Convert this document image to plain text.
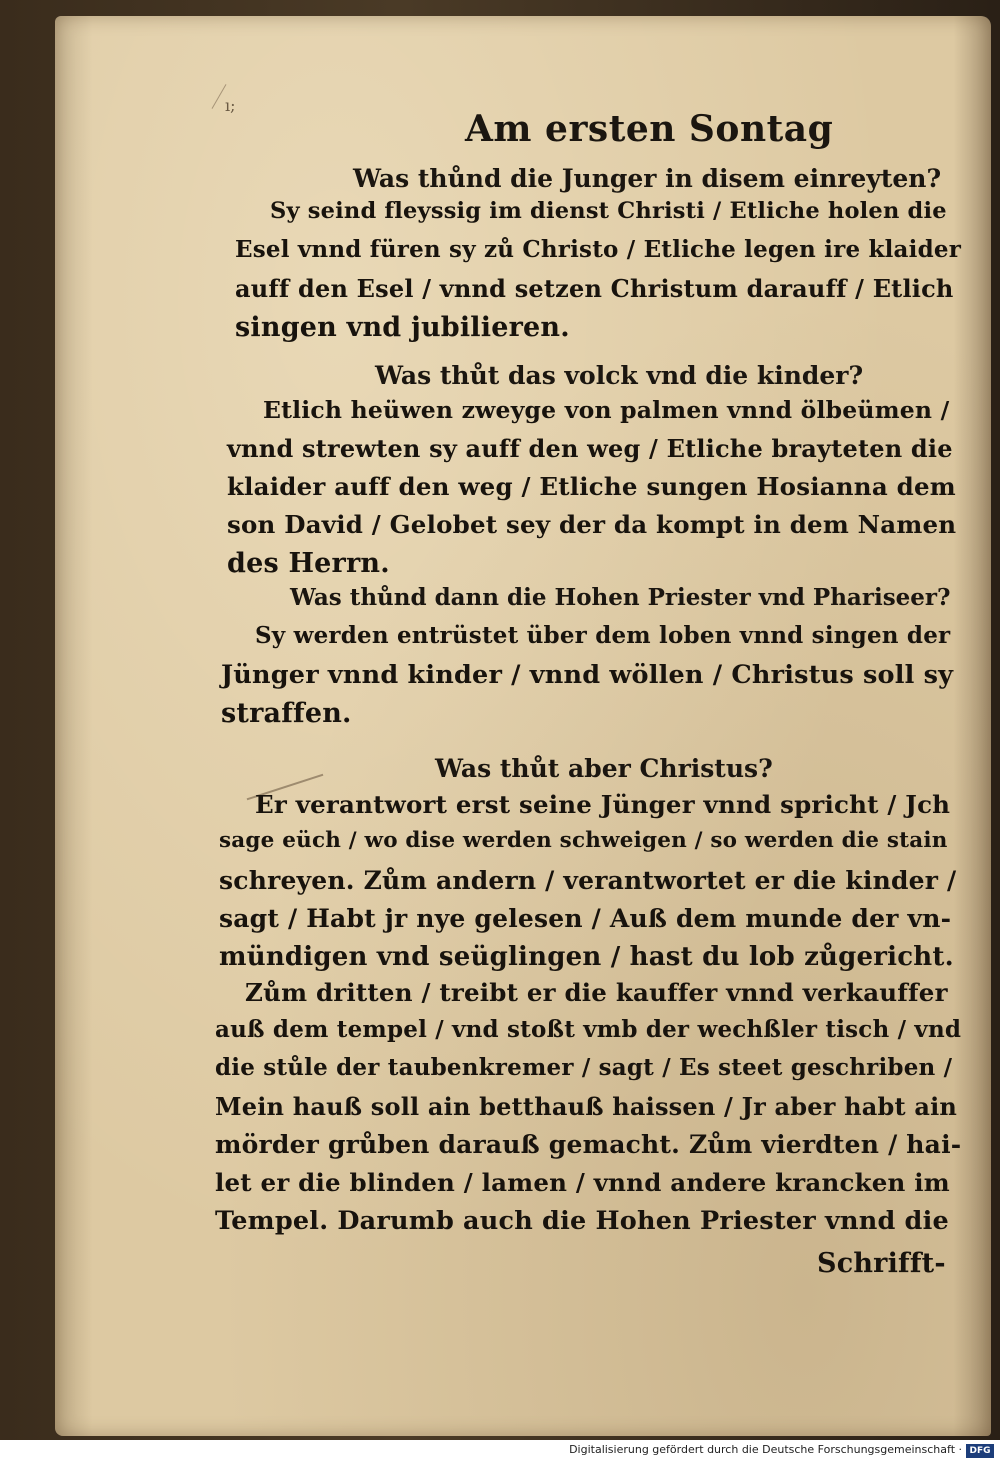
ı;
Am ersten Sontag
Was thůnd die Junger in disem einreyten?
Sy seind fleyssig im dienst Christi / Etliche holen die
Esel vnnd füren sy zů Christo / Etliche legen ire klaider
auff den Esel / vnnd setzen Christum darauff / Etlich
singen vnd jubilieren.
Was thůt das volck vnd die kinder?
Etlich heüwen zweyge von palmen vnnd ölbeümen /
vnnd strewten sy auff den weg / Etliche brayteten die
klaider auff den weg / Etliche sungen Hosianna dem
son David / Gelobet sey der da kompt in dem Namen
des Herrn.
Was thůnd dann die Hohen Priester vnd Phariseer?
Sy werden entrüstet über dem loben vnnd singen der
Jünger vnnd kinder / vnnd wöllen / Christus soll sy
straffen.
Was thůt aber Christus?
Er verantwort erst seine Jünger vnnd spricht / Jch
sage eüch / wo dise werden schweigen / so werden die stain
schreyen. Zům andern / verantwortet er die kinder /
sagt / Habt jr nye gelesen / Auß dem munde der vn-
mündigen vnd seüglingen / hast du lob zůgericht.
Zům dritten / treibt er die kauffer vnnd verkauffer
auß dem tempel / vnd stoßt vmb der wechßler tisch / vnd
die stůle der taubenkremer / sagt / Es steet geschriben /
Mein hauß soll ain betthauß haissen / Jr aber habt ain
mörder grůben darauß gemacht. Zům vierdten / hai-
let er die blinden / lamen / vnnd andere krancken im
Tempel. Darumb auch die Hohen Priester vnnd die
Schrifft-
Digitalisierung gefördert durch die Deutsche Forschungsgemeinschaft · DFG
